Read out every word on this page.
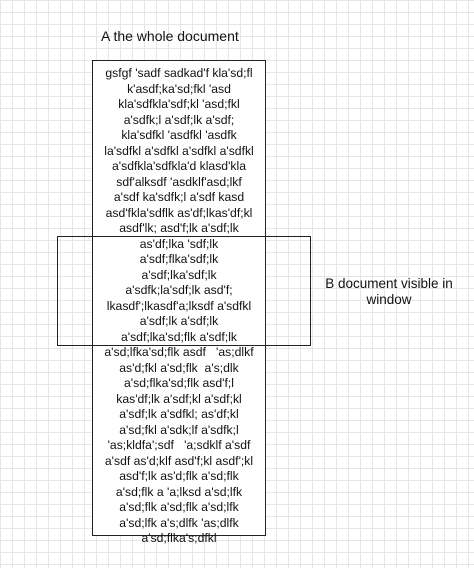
A the whole document
gsfgf 'sadf sadkad'f kla'sd;fl
k'asdf;ka'sd;fkl 'asd
kla'sdfkla'sdf;kl 'asd;fkl
a'sdfk;l a'sdf;lk a'sdf;
kla'sdfkl 'asdfkl 'asdfk
la'sdfkl a'sdfkl a'sdfkl a'sdfkl
a'sdfkla'sdfkla'd klasd'kla
sdf'alksdf 'asdklf'asd;lkf
a'sdf ka'sdfk;l a'sdf kasd
asd'fkla'sdflk as'df;lkas'df;kl
asdf'lk; asd'f;lk a'sdf;lk
as'df;lka 'sdf;lk
a'sdf;flka'sdf;lk
a'sdf;lka'sdf;lk
a'sdfk;la'sdf;lk asd'f;
lkasdf';lkasdf'a;lksdf a'sdfkl
a'sdf;lk a'sdf;lk
a'sdf;lka'sd;flk a'sdf;lk
a'sd;lfka'sd;flk asdf   'as;dlkf
as'd;fkl a'sd;flk  a's;dlk
a'sd;flka'sd;flk asd'f;l
kas'df;lk a'sdf;kl a'sdf;kl
a'sdf;lk a'sdfkl; as'df;kl
a'sd;fkl a'sdk;lf a'sdfk;l
'as;kldfa';sdf   'a;sdklf a'sdf
a'sdf as'd;klf asd'f;kl asdf';kl
asd'f;lk as'd;flk a'sd;flk
a'sd;flk a 'a;lksd a'sd;lfk
a'sd;flk a'sd;flk a'sd;lfk
a'sd;lfk a's;dlfk 'as;dlfk
a'sd;flka's;dfkl
B document visible in
window
